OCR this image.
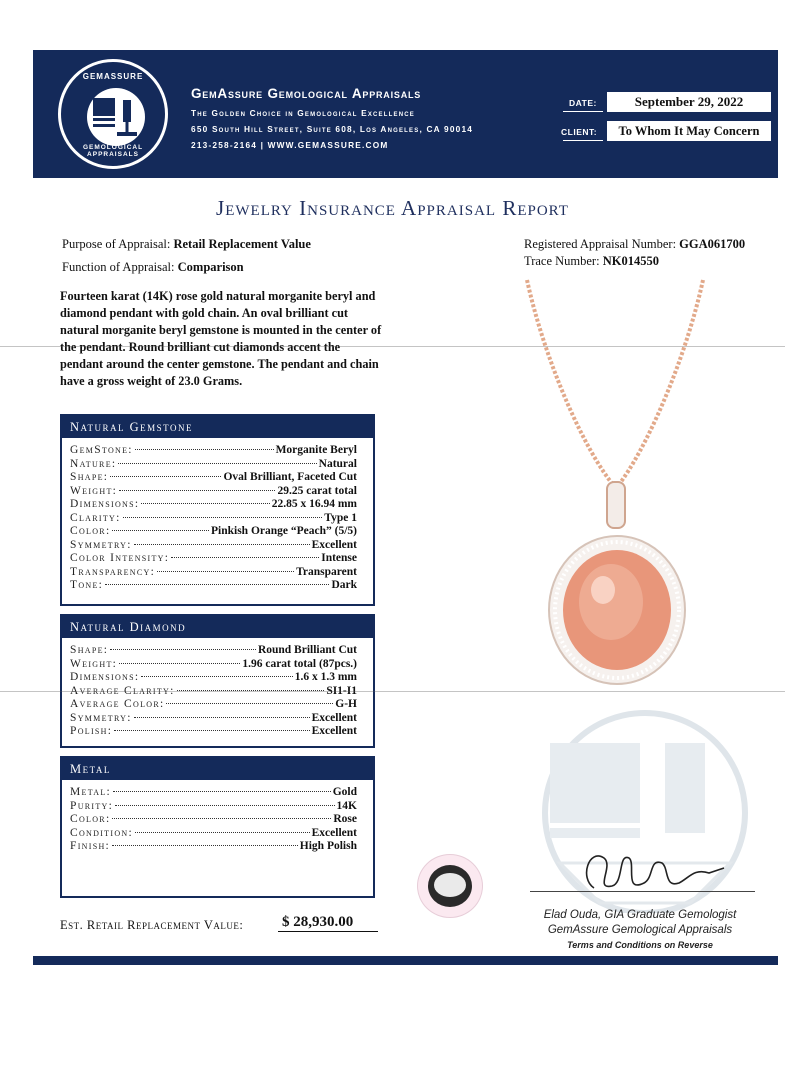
GEMASSURE
GEMOLOGICAL APPRAISALS
GemAssure Gemological Appraisals
The Golden Choice in Gemological Excellence
650 South Hill Street, Suite 608, Los Angeles, CA 90014
213-258-2164 | WWW.GEMASSURE.COM
DATE:	September 29, 2022
CLIENT:	To Whom It May Concern
Jewelry Insurance Appraisal Report
Purpose of Appraisal: Retail Replacement Value
Function of Appraisal: Comparison
Registered Appraisal Number: GGA061700
Trace Number: NK014550
Fourteen karat (14K) rose gold natural morganite beryl and diamond pendant with gold chain. An oval brilliant cut natural morganite beryl gemstone is mounted in the center of the pendant. Round brilliant cut diamonds accent the pendant around the center gemstone. The pendant and chain have a gross weight of 23.0 Grams.
Natural Gemstone
GemStone:	Morganite Beryl
Nature:	Natural
Shape:	Oval Brilliant, Faceted Cut
Weight:	29.25 carat total
Dimensions:	22.85 x 16.94 mm
Clarity:	Type 1
Color:	Pinkish Orange “Peach” (5/5)
Symmetry:	Excellent
Color Intensity:	Intense
Transparency:	Transparent
Tone:	Dark
Natural Diamond
Shape:	Round Brilliant Cut
Weight:	1.96 carat total (87pcs.)
Dimensions:	1.6 x 1.3 mm
Average Clarity:	SI1-I1
Average Color:	G-H
Symmetry:	Excellent
Polish:	Excellent
Metal
Metal:	Gold
Purity:	14K
Color:	Rose
Condition:	Excellent
Finish:	High Polish
Est. Retail Replacement Value:	$ 28,930.00	Elad Ouda, GIA Graduate Gemologist
GemAssure Gemological Appraisals
Terms and Conditions on Reverse
